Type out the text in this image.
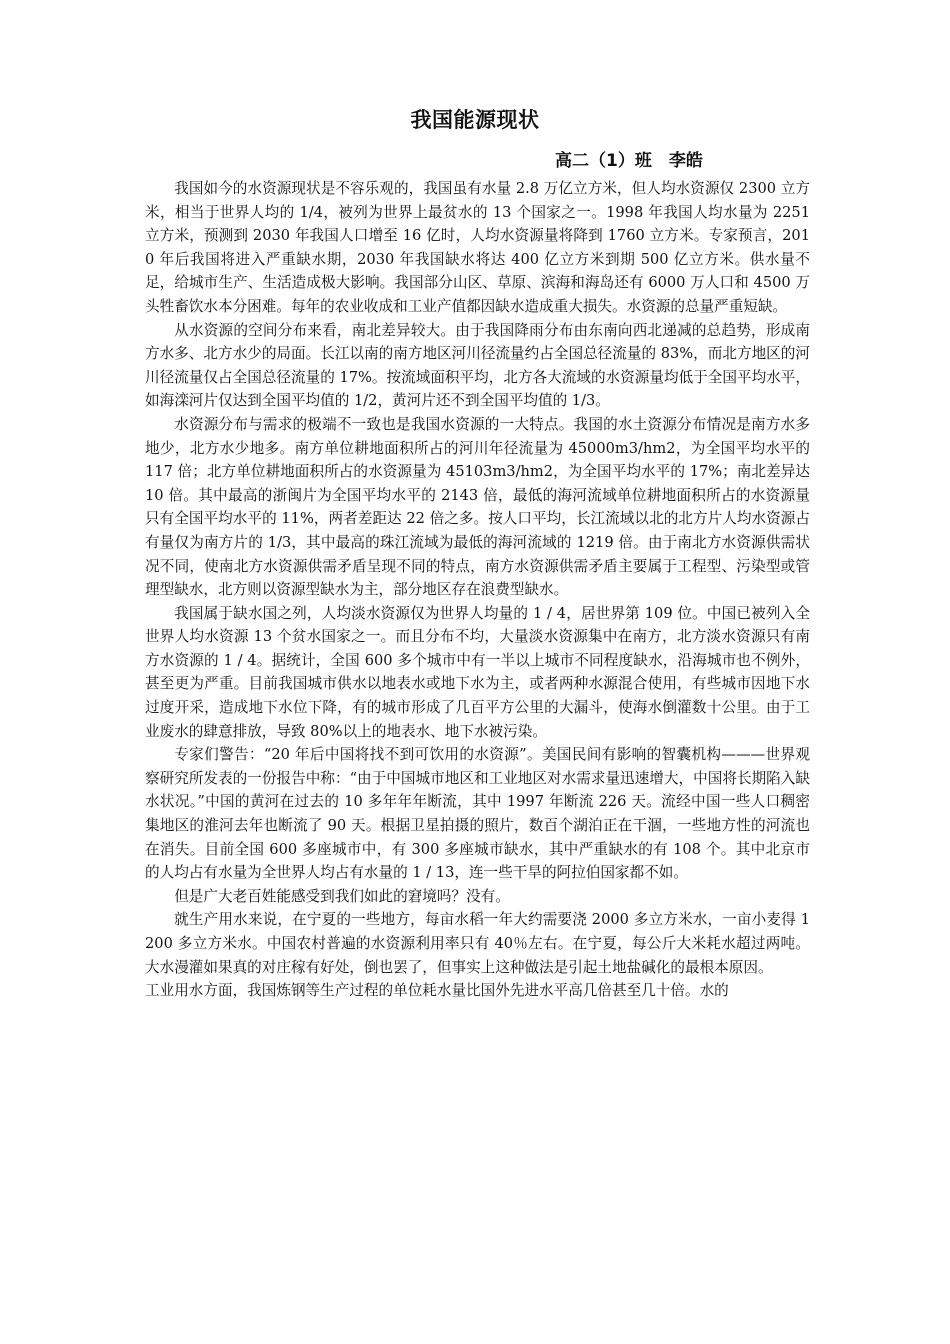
我国能源现状
高二（1）班　李皓

我国如今的水资源现状是不容乐观的，我国虽有水量 2.8 万亿立方米，但人均水资源仅 2300 立方米，相当于世界人均的 1/4，被列为世界上最贫水的 13 个国家之一。1998 年我国人均水量为 2251 立方米，预测到 2030 年我国人口增至 16 亿时，人均水资源量将降到 1760 立方米。专家预言，2010 年后我国将进入严重缺水期，2030 年我国缺水将达 400 亿立方米到期 500 亿立方米。供水量不足，给城市生产、生活造成极大影响。我国部分山区、草原、滨海和海岛还有 6000 万人口和 4500 万头牲畜饮水本分困难。每年的农业收成和工业产值都因缺水造成重大损失。水资源的总量严重短缺。

从水资源的空间分布来看，南北差异较大。由于我国降雨分布由东南向西北递减的总趋势，形成南方水多、北方水少的局面。长江以南的南方地区河川径流量约占全国总径流量的 83%，而北方地区的河川径流量仅占全国总径流量的 17%。按流域面积平均，北方各大流域的水资源量均低于全国平均水平，如海滦河片仅达到全国平均值的 1/2，黄河片还不到全国平均值的 1/3。

水资源分布与需求的极端不一致也是我国水资源的一大特点。我国的水土资源分布情况是南方水多地少，北方水少地多。南方单位耕地面积所占的河川年径流量为 45000m3/hm2，为全国平均水平的 117 倍；北方单位耕地面积所占的水资源量为 45103m3/hm2，为全国平均水平的 17%；南北差异达 10 倍。其中最高的浙闽片为全国平均水平的 2143 倍，最低的海河流域单位耕地面积所占的水资源量只有全国平均水平的 11%，两者差距达 22 倍之多。按人口平均，长江流域以北的北方片人均水资源占有量仅为南方片的 1/3，其中最高的珠江流域为最低的海河流域的 1219 倍。由于南北方水资源供需状况不同，使南北方水资源供需矛盾呈现不同的特点，南方水资源供需矛盾主要属于工程型、污染型或管理型缺水，北方则以资源型缺水为主，部分地区存在浪费型缺水。

我国属于缺水国之列，人均淡水资源仅为世界人均量的 1 / 4，居世界第 109 位。中国已被列入全世界人均水资源 13 个贫水国家之一。而且分布不均，大量淡水资源集中在南方，北方淡水资源只有南方水资源的 1 / 4。据统计，全国 600 多个城市中有一半以上城市不同程度缺水，沿海城市也不例外，甚至更为严重。目前我国城市供水以地表水或地下水为主，或者两种水源混合使用，有些城市因地下水过度开采，造成地下水位下降，有的城市形成了几百平方公里的大漏斗，使海水倒灌数十公里。由于工业废水的肆意排放，导致 80%以上的地表水、地下水被污染。

专家们警告：“20 年后中国将找不到可饮用的水资源”。美国民间有影响的智囊机构———世界观察研究所发表的一份报告中称：“由于中国城市地区和工业地区对水需求量迅速增大，中国将长期陷入缺水状况。”中国的黄河在过去的 10 多年年年断流，其中 1997 年断流 226 天。流经中国一些人口稠密集地区的淮河去年也断流了 90 天。根据卫星拍摄的照片，数百个湖泊正在干涸，一些地方性的河流也在消失。目前全国 600 多座城市中，有 300 多座城市缺水，其中严重缺水的有 108 个。其中北京市的人均占有水量为全世界人均占有水量的 1 / 13，连一些干旱的阿拉伯国家都不如。

但是广大老百姓能感受到我们如此的窘境吗？没有。

就生产用水来说，在宁夏的一些地方，每亩水稻一年大约需要浇 2000 多立方米水，一亩小麦得 1200 多立方米水。中国农村普遍的水资源利用率只有 40％左右。在宁夏，每公斤大米耗水超过两吨。大水漫灌如果真的对庄稼有好处，倒也罢了，但事实上这种做法是引起土地盐碱化的最根本原因。

工业用水方面，我国炼钢等生产过程的单位耗水量比国外先进水平高几倍甚至几十倍。水的
